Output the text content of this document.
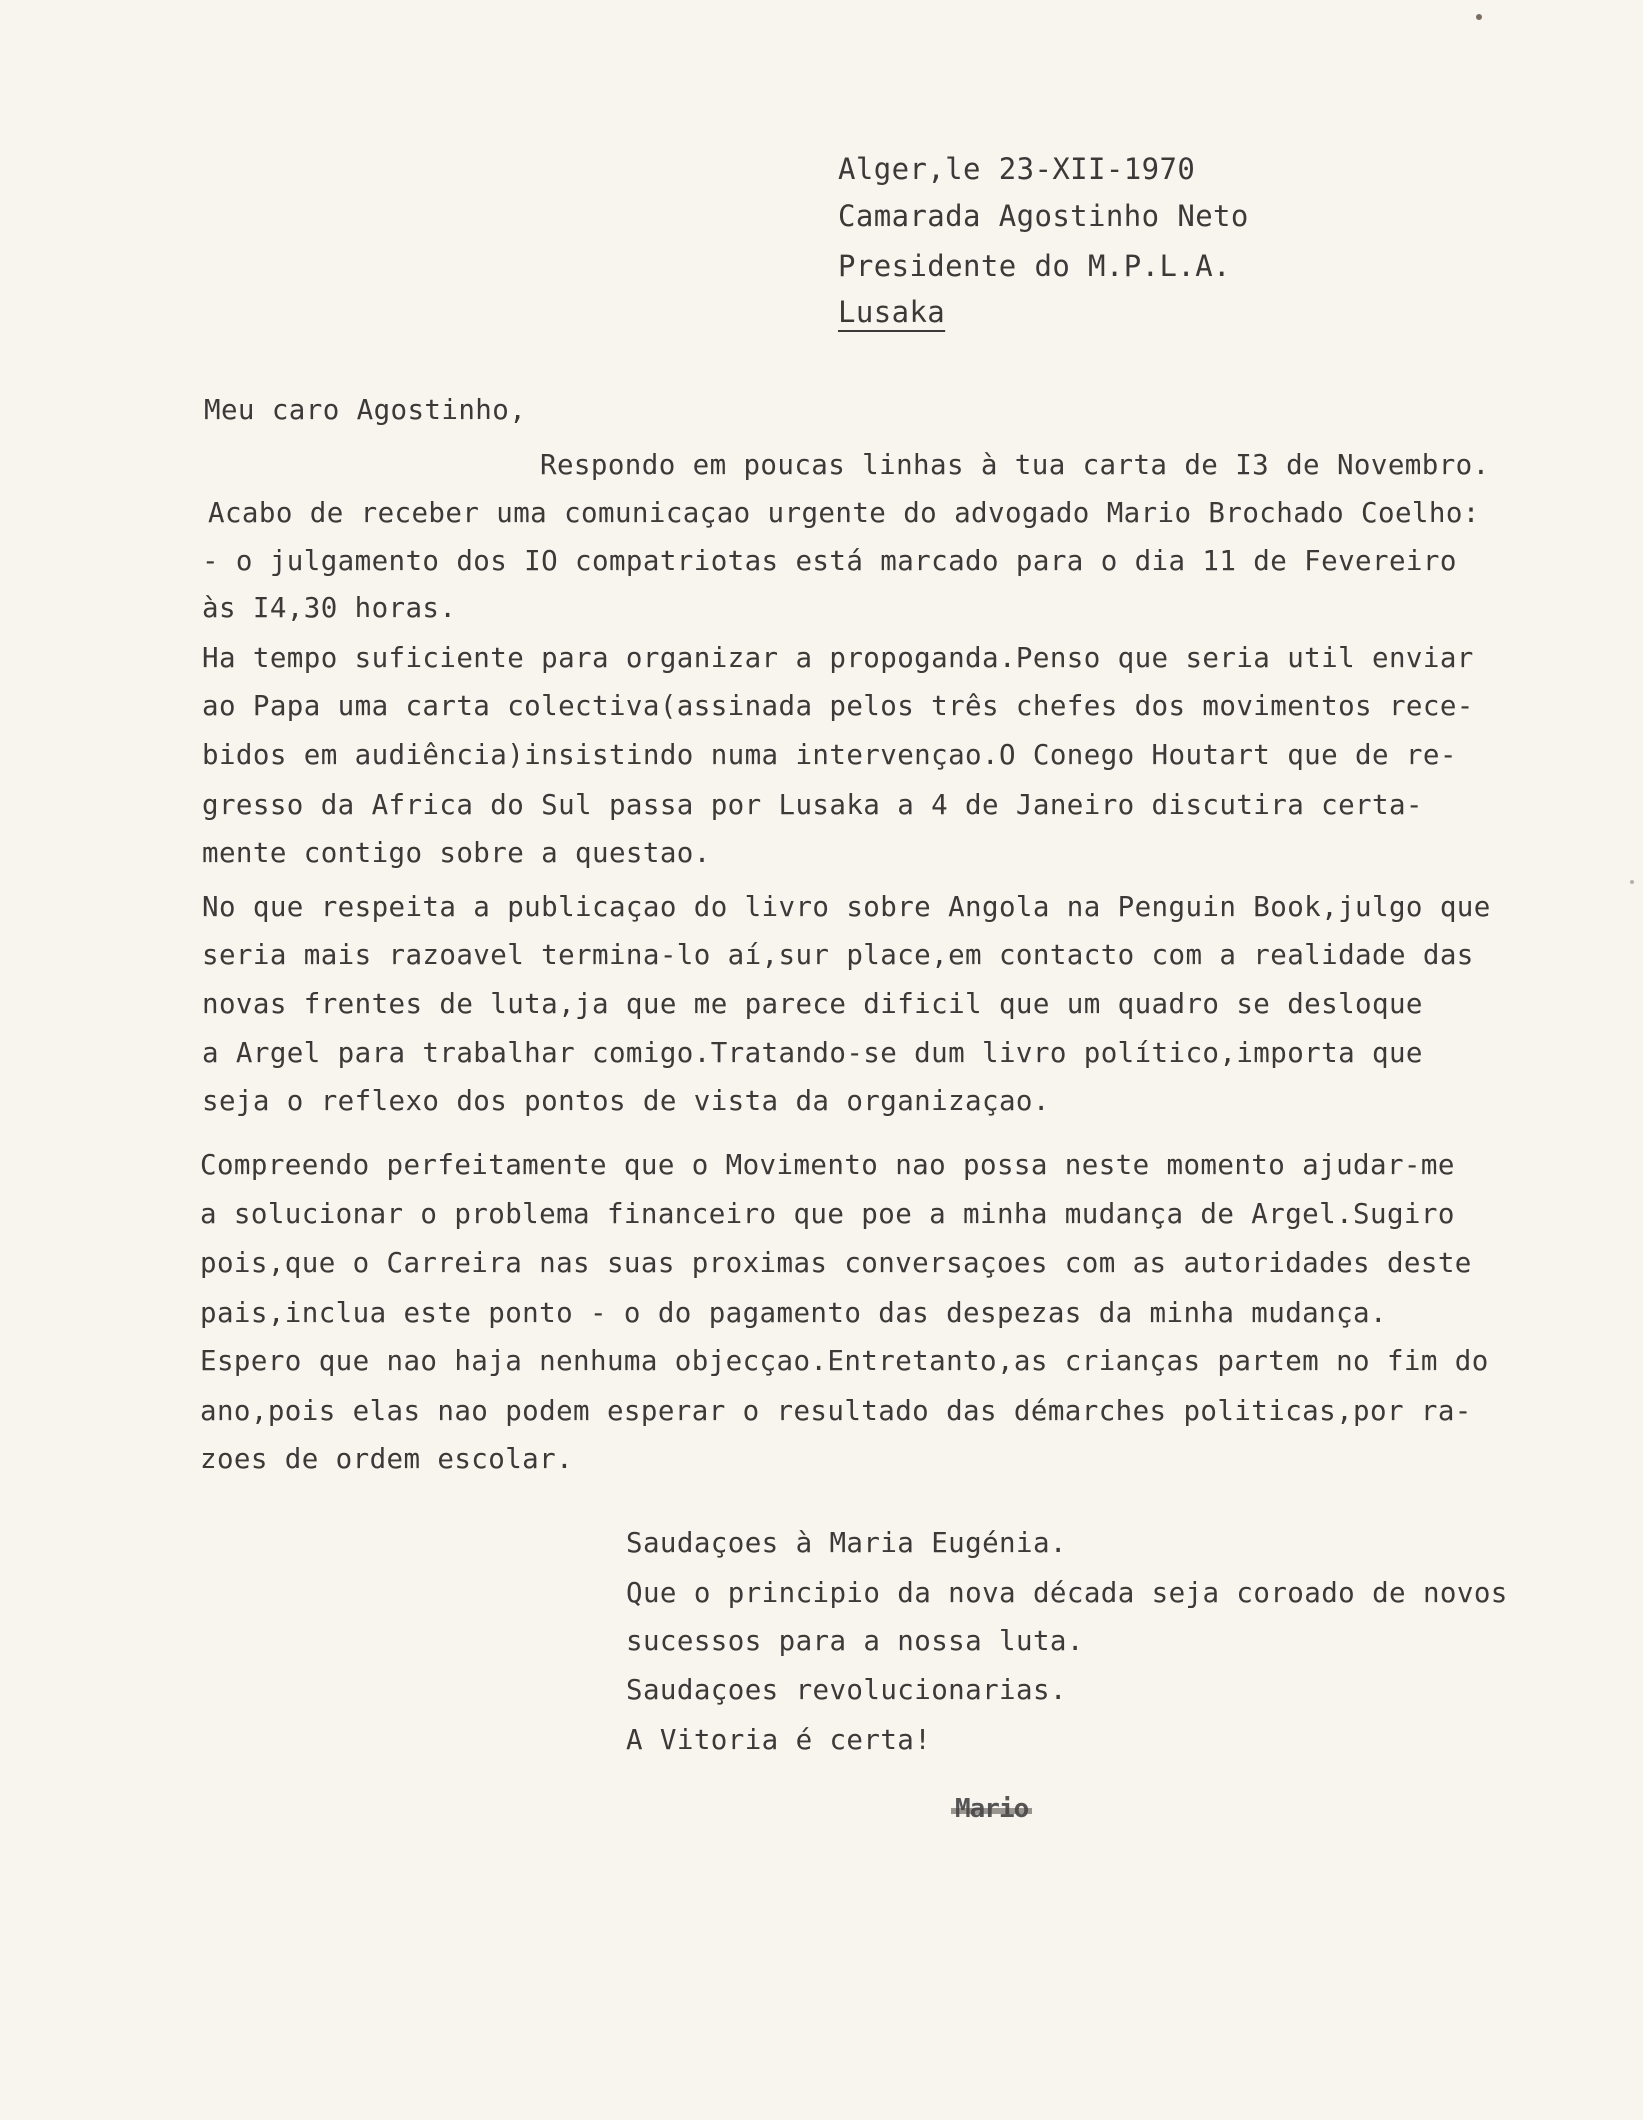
Alger,le 23-XII-1970
Camarada Agostinho Neto
Presidente do M.P.L.A.
Lusaka
Meu caro Agostinho,
Respondo em poucas linhas à tua carta de I3 de Novembro.
Acabo de receber uma comunicaçao urgente do advogado Mario Brochado Coelho:
- o julgamento dos IO compatriotas está marcado para o dia 11 de Fevereiro
às I4,30 horas.
Ha tempo suficiente para organizar a propoganda.Penso que seria util enviar
ao Papa uma carta colectiva(assinada pelos três chefes dos movimentos rece-
bidos em audiência)insistindo numa intervençao.O Conego Houtart que de re-
gresso da Africa do Sul passa por Lusaka a 4 de Janeiro discutira certa-
mente contigo sobre a questao.
No que respeita a publicaçao do livro sobre Angola na Penguin Book,julgo que
seria mais razoavel termina-lo aí,sur place,em contacto com a realidade das
novas frentes de luta,ja que me parece dificil que um quadro se desloque
a Argel para trabalhar comigo.Tratando-se dum livro político,importa que
seja o reflexo dos pontos de vista da organizaçao.
Compreendo perfeitamente que o Movimento nao possa neste momento ajudar-me
a solucionar o problema financeiro que poe a minha mudança de Argel.Sugiro
pois,que o Carreira nas suas proximas conversaçoes com as autoridades deste
pais,inclua este ponto - o do pagamento das despezas da minha mudança.
Espero que nao haja nenhuma objecçao.Entretanto,as crianças partem no fim do
ano,pois elas nao podem esperar o resultado das démarches politicas,por ra-
zoes de ordem escolar.
Saudaçoes à Maria Eugénia.
Que o principio da nova década seja coroado de novos
sucessos para a nossa luta.
Saudaçoes revolucionarias.
A Vitoria é certa!
